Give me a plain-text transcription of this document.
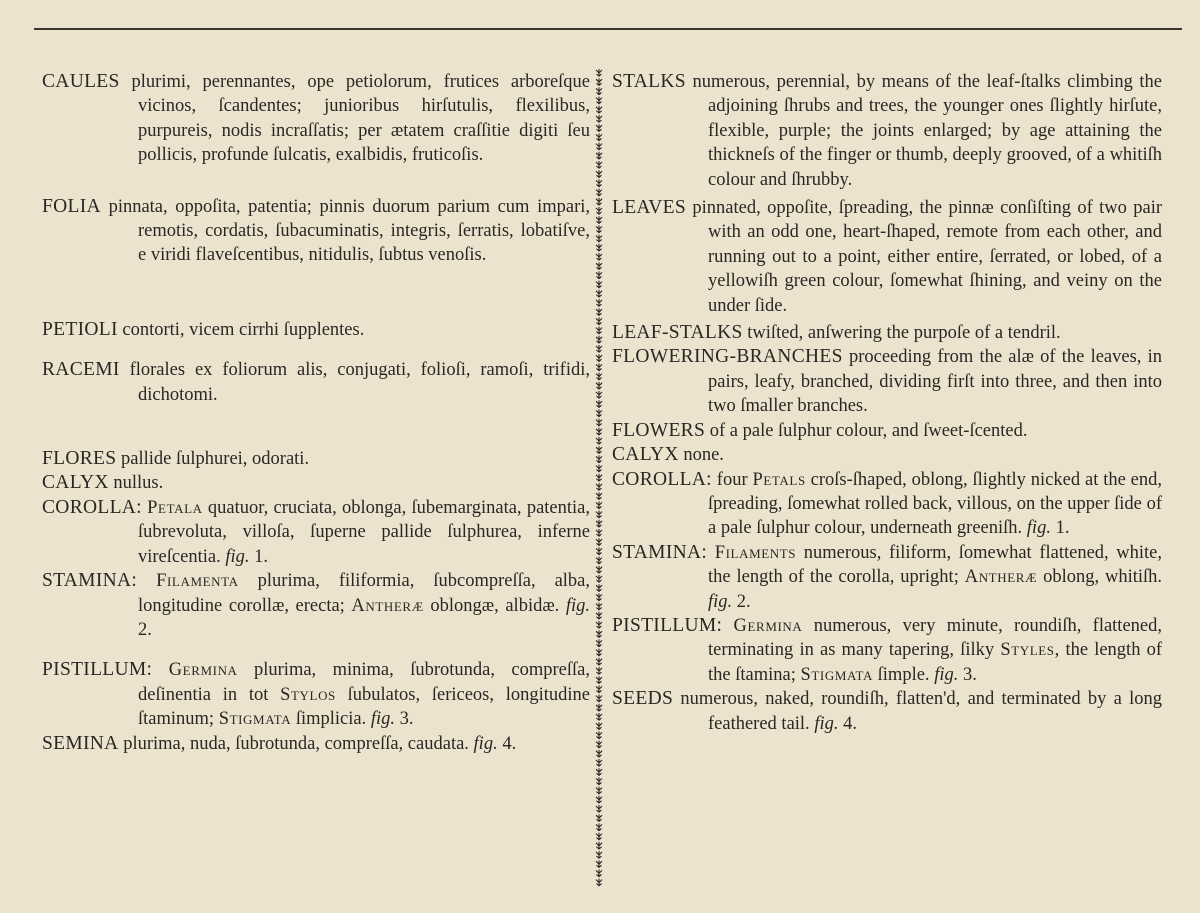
CAULES plurimi, perennantes, ope petiolorum, frutices arboreſque vicinos, ſcandentes; junioribus hirſutulis, flexilibus, purpureis, nodis incraſſatis; per ætatem craſſitie digiti ſeu pollicis, profunde ſulcatis, exalbidis, fruticoſis.

FOLIA pinnata, oppoſita, patentia; pinnis duorum parium cum impari, remotis, cordatis, ſubacuminatis, integris, ſerratis, lobatiſve, e viridi flaveſcentibus, nitidulis, ſubtus venoſis.

PETIOLI contorti, vicem cirrhi ſupplentes.

RACEMI florales ex foliorum alis, conjugati, folioſi, ramoſi, trifidi, dichotomi.

FLORES pallide ſulphurei, odorati.

CALYX nullus.

COROLLA: Petala quatuor, cruciata, oblonga, ſubemarginata, patentia, ſubrevoluta, villoſa, ſuperne pallide ſulphurea, inferne vireſcentia. fig. 1.

STAMINA: Filamenta plurima, filiformia, ſubcompreſſa, alba, longitudine corollæ, erecta; Antheræ oblongæ, albidæ. fig. 2.

PISTILLUM: Germina plurima, minima, ſubrotunda, compreſſa, deſinentia in tot Stylos ſubulatos, ſericeos, longitudine ſtaminum; Stigmata ſimplicia. fig. 3.

SEMINA plurima, nuda, ſubrotunda, compreſſa, caudata. fig. 4.

STALKS numerous, perennial, by means of the leaf-ſtalks climbing the adjoining ſhrubs and trees, the younger ones ſlightly hirſute, flexible, purple; the joints enlarged; by age attaining the thickneſs of the finger or thumb, deeply grooved, of a whitiſh colour and ſhrubby.

LEAVES pinnated, oppoſite, ſpreading, the pinnæ conſiſting of two pair with an odd one, heart-ſhaped, remote from each other, and running out to a point, either entire, ſerrated, or lobed, of a yellowiſh green colour, ſomewhat ſhining, and veiny on the under ſide.

LEAF-STALKS twiſted, anſwering the purpoſe of a tendril.

FLOWERING-BRANCHES proceeding from the alæ of the leaves, in pairs, leafy, branched, dividing firſt into three, and then into two ſmaller branches.

FLOWERS of a pale ſulphur colour, and ſweet-ſcented.

CALYX none.

COROLLA: four Petals croſs-ſhaped, oblong, ſlightly nicked at the end, ſpreading, ſomewhat rolled back, villous, on the upper ſide of a pale ſulphur colour, underneath greeniſh. fig. 1.

STAMINA: Filaments numerous, filiform, ſomewhat flattened, white, the length of the corolla, upright; Antheræ oblong, whitiſh. fig. 2.

PISTILLUM: Germina numerous, very minute, roundiſh, flattened, terminating in as many tapering, ſilky Styles, the length of the ſtamina; Stigmata ſimple. fig. 3.

SEEDS numerous, naked, roundiſh, flatten'd, and terminated by a long feathered tail. fig. 4.
